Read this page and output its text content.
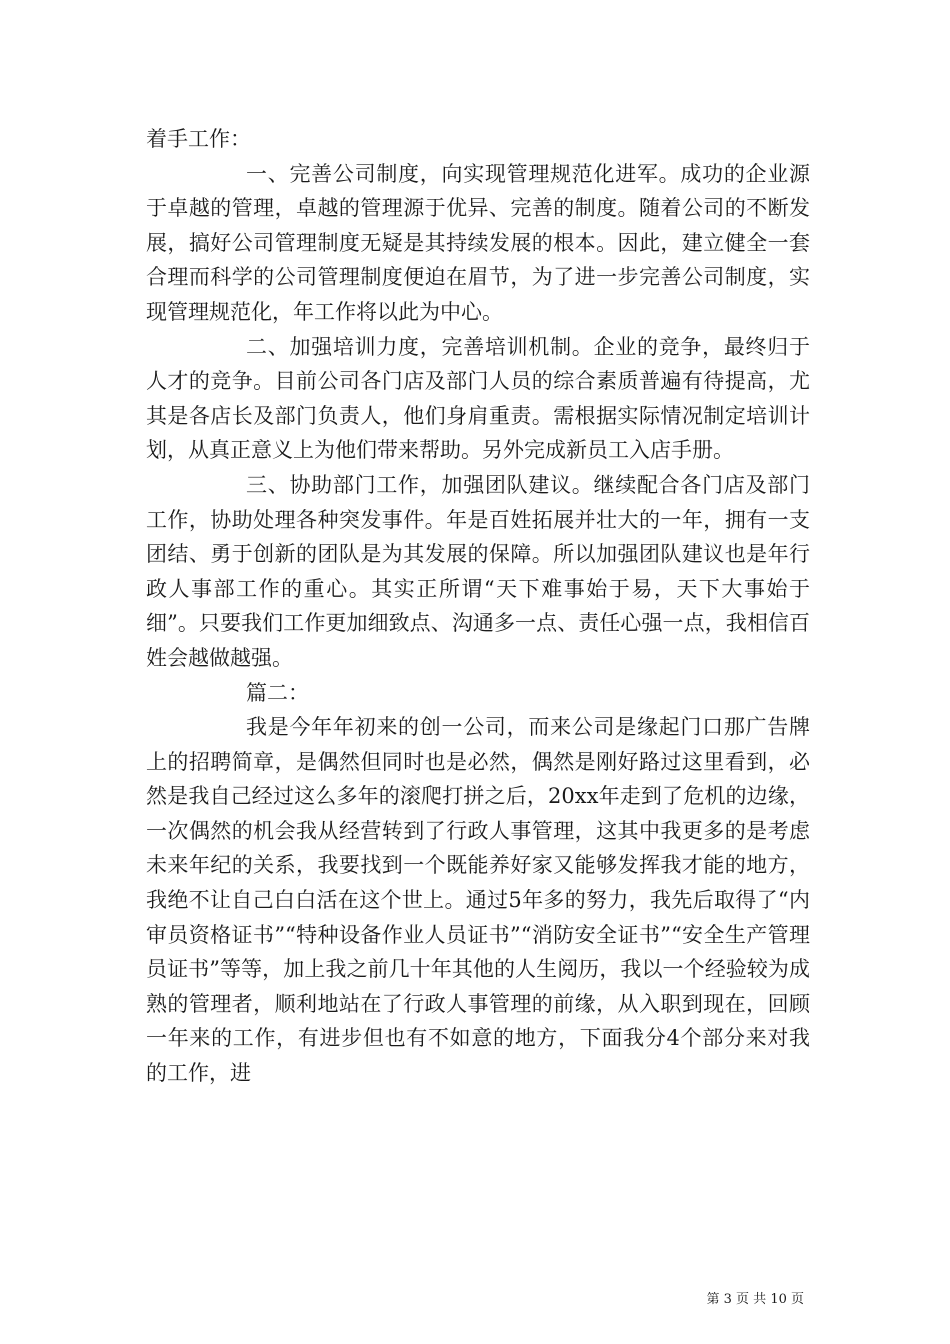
着手工作：

一、完善公司制度，向实现管理规范化进军。成功的企业源于卓越的管理，卓越的管理源于优异、完善的制度。随着公司的不断发展，搞好公司管理制度无疑是其持续发展的根本。因此，建立健全一套合理而科学的公司管理制度便迫在眉节，为了进一步完善公司制度，实现管理规范化，年工作将以此为中心。

二、加强培训力度，完善培训机制。企业的竞争，最终归于人才的竞争。目前公司各门店及部门人员的综合素质普遍有待提高，尤其是各店长及部门负责人，他们身肩重责。需根据实际情况制定培训计划，从真正意义上为他们带来帮助。另外完成新员工入店手册。

三、协助部门工作，加强团队建议。继续配合各门店及部门工作，协助处理各种突发事件。年是百姓拓展并壮大的一年，拥有一支团结、勇于创新的团队是为其发展的保障。所以加强团队建议也是年行政人事部工作的重心。其实正所谓“天下难事始于易，天下大事始于细”。只要我们工作更加细致点、沟通多一点、责任心强一点，我相信百姓会越做越强。

篇二：

我是今年年初来的创一公司，而来公司是缘起门口那广告牌上的招聘简章，是偶然但同时也是必然，偶然是刚好路过这里看到，必然是我自己经过这么多年的滚爬打拼之后，20xx年走到了危机的边缘，一次偶然的机会我从经营转到了行政人事管理，这其中我更多的是考虑未来年纪的关系，我要找到一个既能养好家又能够发挥我才能的地方，我绝不让自己白白活在这个世上。通过5年多的努力，我先后取得了“内审员资格证书”“特种设备作业人员证书”“消防安全证书”“安全生产管理员证书”等等，加上我之前几十年其他的人生阅历，我以一个经验较为成熟的管理者，顺利地站在了行政人事管理的前缘，从入职到现在，回顾一年来的工作，有进步但也有不如意的地方，下面我分4个部分来对我的工作，进

第 3 页 共 10 页
